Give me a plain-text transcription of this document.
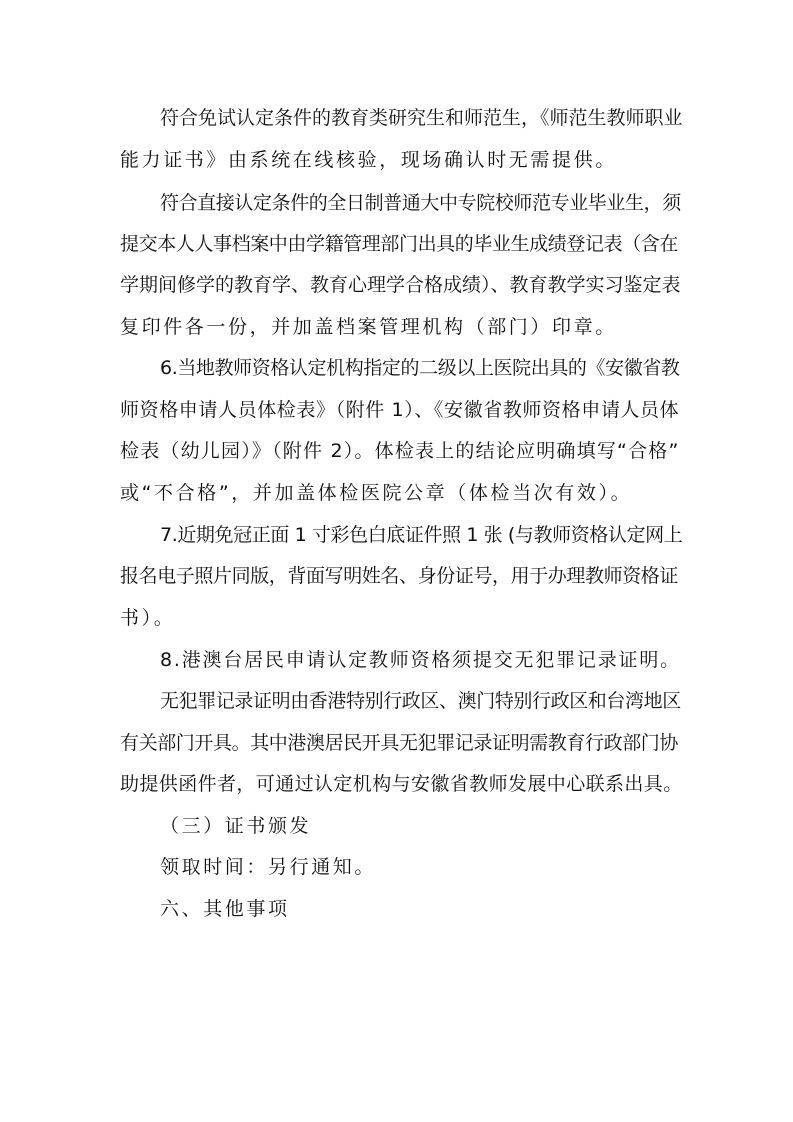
符合免试认定条件的教育类研究生和师范生，《师范生教师职业
能力证书》由系统在线核验，现场确认时无需提供。
符合直接认定条件的全日制普通大中专院校师范专业毕业生，须
提交本人人事档案中由学籍管理部门出具的毕业生成绩登记表（含在
学期间修学的教育学、教育心理学合格成绩）、教育教学实习鉴定表
复印件各一份，并加盖档案管理机构（部门）印章。
6.当地教师资格认定机构指定的二级以上医院出具的《安徽省教
师资格申请人员体检表》（附件 1）、《安徽省教师资格申请人员体
检表（幼儿园）》（附件 2）。体检表上的结论应明确填写“合格”
或“不合格”，并加盖体检医院公章（体检当次有效）。
7.近期免冠正面 1 寸彩色白底证件照 1 张 (与教师资格认定网上
报名电子照片同版，背面写明姓名、身份证号，用于办理教师资格证
书）。
8.港澳台居民申请认定教师资格须提交无犯罪记录证明。
无犯罪记录证明由香港特别行政区、澳门特别行政区和台湾地区
有关部门开具。其中港澳居民开具无犯罪记录证明需教育行政部门协
助提供函件者，可通过认定机构与安徽省教师发展中心联系出具。
（三）证书颁发
领取时间：另行通知。
六、其他事项
